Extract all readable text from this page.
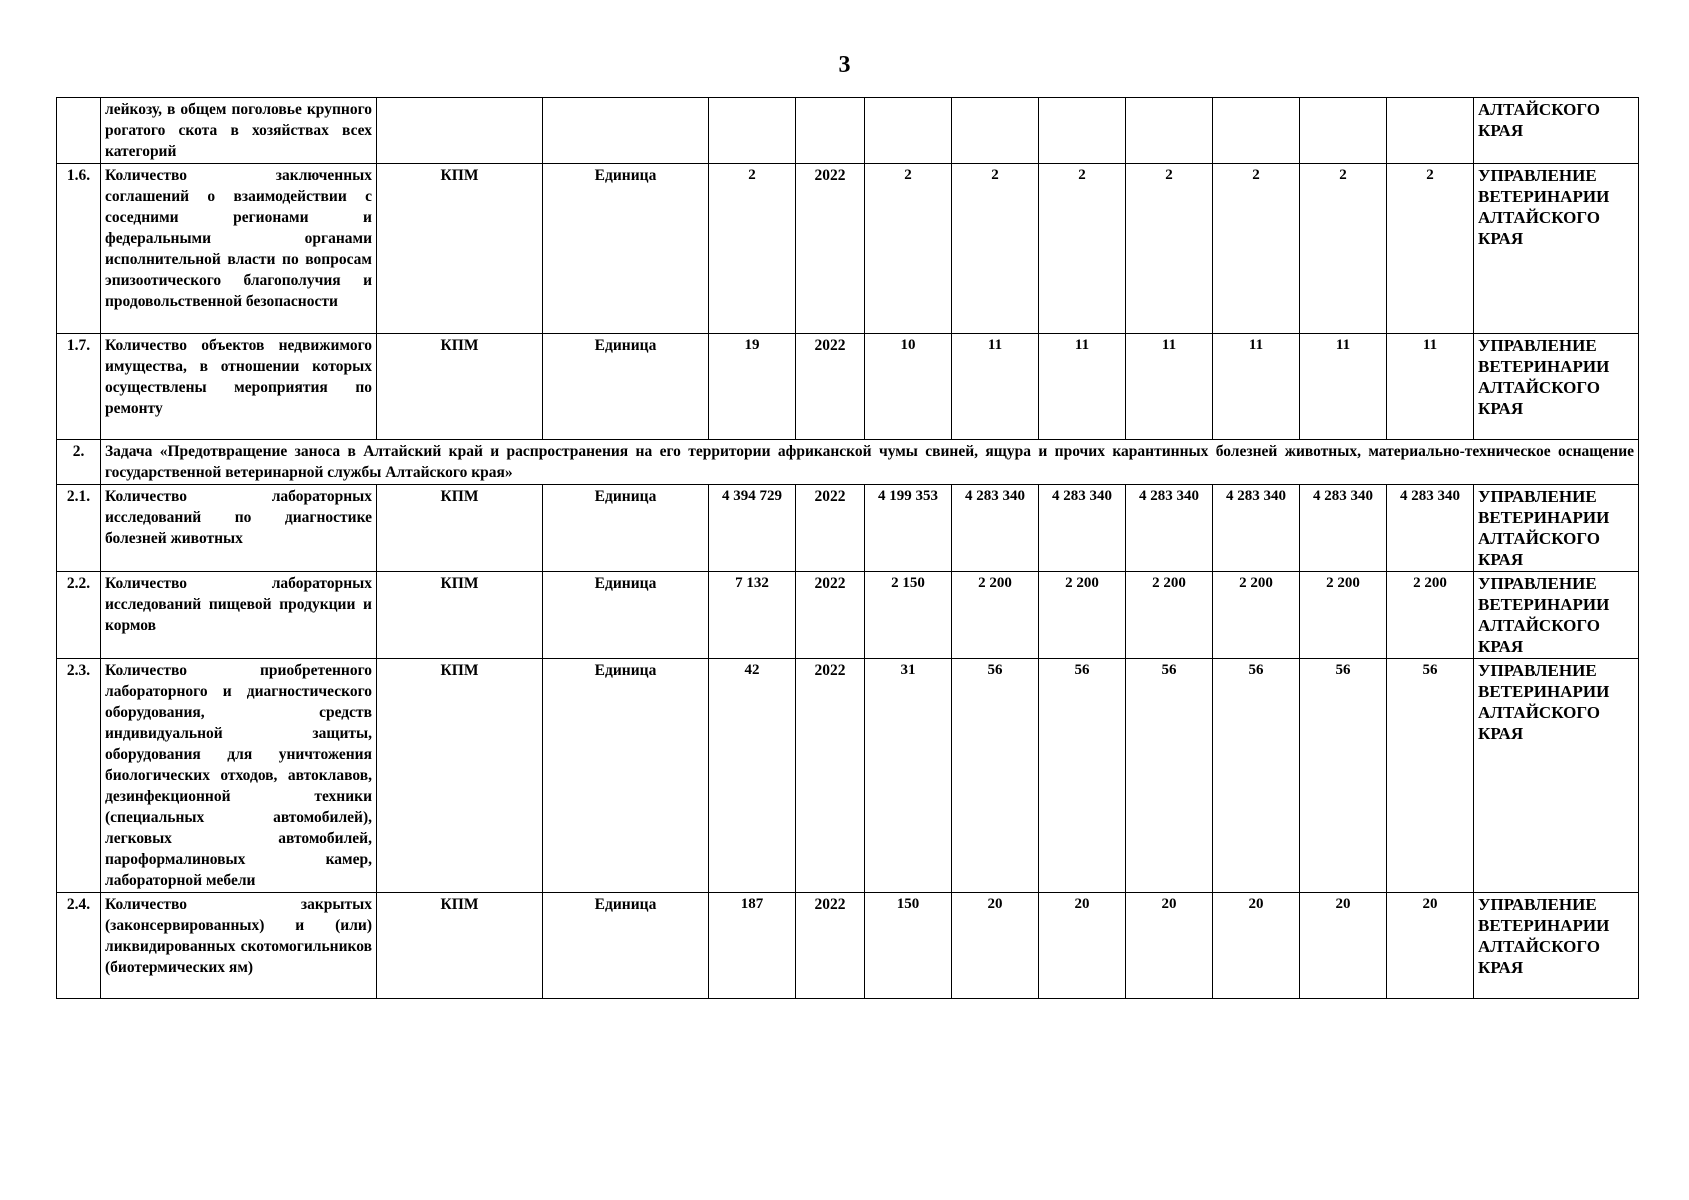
3
	лейкозу, в общем поголовье крупного рогатого скота в хозяйствах всех категорий												АЛТАЙСКОГО КРАЯ
1.6.	Количество заключенных соглашений о взаимодействии с соседними регионами и федеральными органами исполнительной власти по вопросам эпизоотического благополучия и продовольственной безопасности	КПМ	Единица	2	2022	2	2	2	2	2	2	2	УПРАВЛЕНИЕ ВЕТЕРИНАРИИ АЛТАЙСКОГО КРАЯ
1.7.	Количество объектов недвижимого имущества, в отношении которых осуществлены мероприятия по ремонту	КПМ	Единица	19	2022	10	11	11	11	11	11	11	УПРАВЛЕНИЕ ВЕТЕРИНАРИИ АЛТАЙСКОГО КРАЯ
2.	Задача «Предотвращение заноса в Алтайский край и распространения на его территории африканской чумы свиней, ящура и прочих карантинных болезней животных, материально-техническое оснащение государственной ветеринарной службы Алтайского края»												
2.1.	Количество лабораторных исследований по диагностике болезней животных	КПМ	Единица	4 394 729	2022	4 199 353	4 283 340	4 283 340	4 283 340	4 283 340	4 283 340	4 283 340	УПРАВЛЕНИЕ ВЕТЕРИНАРИИ АЛТАЙСКОГО КРАЯ
2.2.	Количество лабораторных исследований пищевой продукции и кормов	КПМ	Единица	7 132	2022	2 150	2 200	2 200	2 200	2 200	2 200	2 200	УПРАВЛЕНИЕ ВЕТЕРИНАРИИ АЛТАЙСКОГО КРАЯ
2.3.	Количество приобретенного лабораторного и диагностического оборудования, средств индивидуальной защиты, оборудования для уничтожения биологических отходов, автоклавов, дезинфекционной техники (специальных автомобилей), легковых автомобилей, пароформалиновых камер, лабораторной мебели	КПМ	Единица	42	2022	31	56	56	56	56	56	56	УПРАВЛЕНИЕ ВЕТЕРИНАРИИ АЛТАЙСКОГО КРАЯ
2.4.	Количество закрытых (законсервированных) и (или) ликвидированных скотомогильников (биотермических ям)	КПМ	Единица	187	2022	150	20	20	20	20	20	20	УПРАВЛЕНИЕ ВЕТЕРИНАРИИ АЛТАЙСКОГО КРАЯ
